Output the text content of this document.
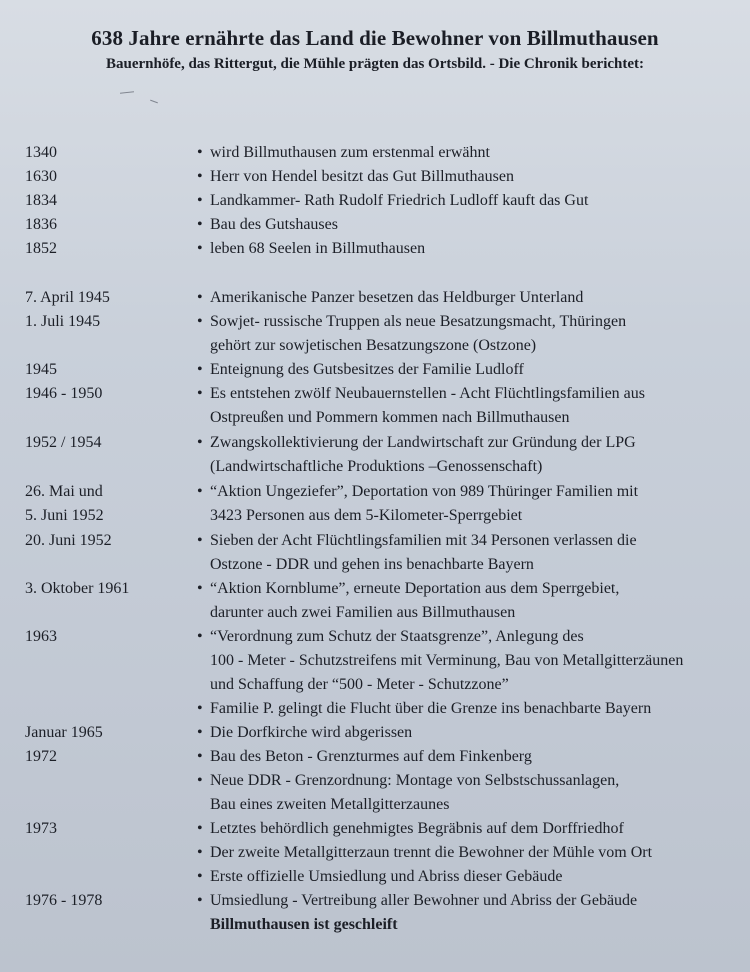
638 Jahre ernährte das Land die Bewohner von Billmuthausen
Bauernhöfe, das Rittergut, die Mühle prägten das Ortsbild. - Die Chronik berichtet:
1340	• wird Billmuthausen zum erstenmal erwähnt
1630	• Herr von Hendel besitzt das Gut Billmuthausen
1834	• Landkammer- Rath Rudolf Friedrich Ludloff kauft das Gut
1836	• Bau des Gutshauses
1852	• leben 68 Seelen in Billmuthausen
7. April 1945	• Amerikanische Panzer besetzen das Heldburger Unterland
1. Juli 1945	• Sowjet- russische Truppen als neue Besatzungsmacht, Thüringen
gehört zur sowjetischen Besatzungszone (Ostzone)
1945	• Enteignung des Gutsbesitzes der Familie Ludloff
1946 - 1950	• Es entstehen zwölf Neubauernstellen - Acht Flüchtlingsfamilien aus
Ostpreußen und Pommern kommen nach Billmuthausen
1952 / 1954	• Zwangskollektivierung der Landwirtschaft zur Gründung der LPG
(Landwirtschaftliche Produktions –Genossenschaft)
26. Mai und	• “Aktion Ungeziefer”, Deportation von 989 Thüringer Familien mit
5. Juni 1952	3423 Personen aus dem 5-Kilometer-Sperrgebiet
20. Juni 1952	• Sieben der Acht Flüchtlingsfamilien mit 34 Personen verlassen die
Ostzone - DDR und gehen ins benachbarte Bayern
3. Oktober 1961	• “Aktion Kornblume”, erneute Deportation aus dem Sperrgebiet,
darunter auch zwei Familien aus Billmuthausen
1963	• “Verordnung zum Schutz der Staatsgrenze”, Anlegung des
100 - Meter - Schutzstreifens mit Verminung, Bau von Metallgitterzäunen
und Schaffung der “500 - Meter - Schutzzone”
• Familie P. gelingt die Flucht über die Grenze ins benachbarte Bayern
Januar 1965	• Die Dorfkirche wird abgerissen
1972	• Bau des Beton - Grenzturmes auf dem Finkenberg
• Neue DDR - Grenzordnung: Montage von Selbstschussanlagen,
Bau eines zweiten Metallgitterzaunes
1973	• Letztes behördlich genehmigtes Begräbnis auf dem Dorffriedhof
• Der zweite Metallgitterzaun trennt die Bewohner der Mühle vom Ort
• Erste offizielle Umsiedlung und Abriss dieser Gebäude
1976 - 1978	• Umsiedlung - Vertreibung aller Bewohner und Abriss der Gebäude
Billmuthausen ist geschleift
